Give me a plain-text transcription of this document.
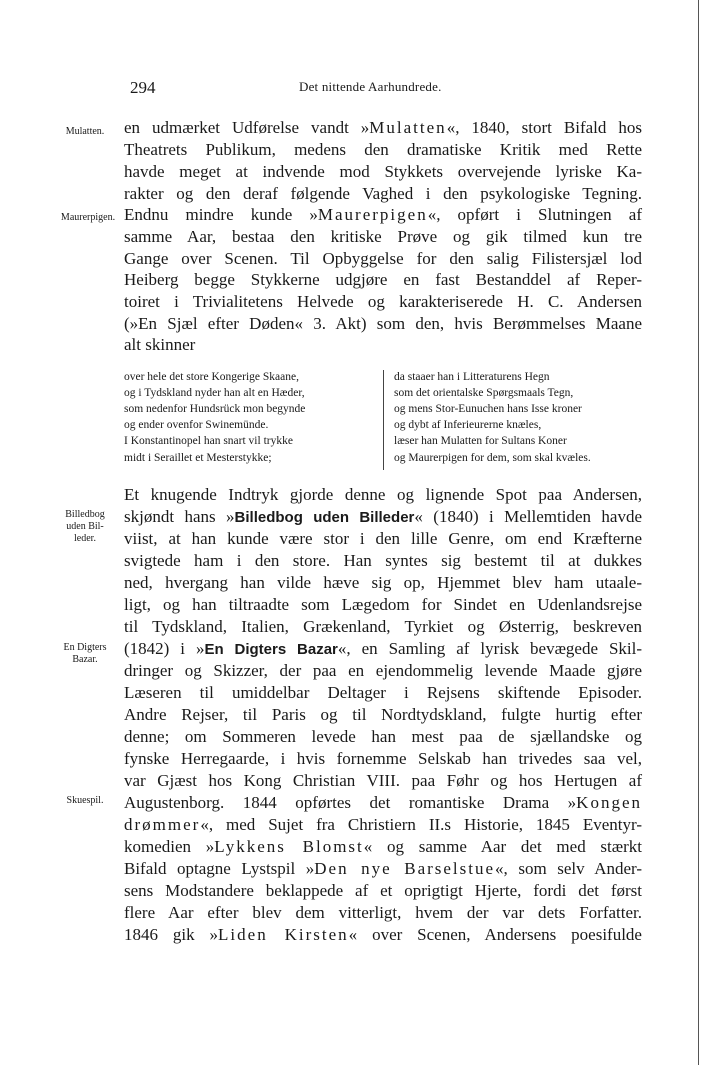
294	Det nittende Aarhundrede.
Mulatten.
Maurerpigen.
Billedbog
uden Bil-
leder.
En Digters
Bazar.
Skuespil.
en udmærket Udførelse vandt »Mulatten«, 1840, stort Bifald hos
Theatrets Publikum, medens den dramatiske Kritik med Rette
havde meget at indvende mod Stykkets overvejende lyriske Ka-
rakter og den deraf følgende Vaghed i den psykologiske Tegning.
Endnu mindre kunde »Maurerpigen«, opført i Slutningen af
samme Aar, bestaa den kritiske Prøve og gik tilmed kun tre
Gange over Scenen. Til Opbyggelse for den salig Filistersjæl lod
Heiberg begge Stykkerne udgjøre en fast Bestanddel af Reper-
toiret i Trivialitetens Helvede og karakteriserede H. C. Andersen
(»En Sjæl efter Døden« 3. Akt) som den, hvis Berømmelses Maane
alt skinner
over hele det store Kongerige Skaane,
og i Tydskland nyder han alt en Hæder,
som nedenfor Hundsrück mon begynde
og ender ovenfor Swinemünde.
I Konstantinopel han snart vil trykke
midt i Seraillet et Mesterstykke;
da staaer han i Litteraturens Hegn
som det orientalske Spørgsmaals Tegn,
og mens Stor-Eunuchen hans Isse kroner
og dybt af Inferieurerne knæles,
læser han Mulatten for Sultans Koner
og Maurerpigen for dem, som skal kvæles.
Et knugende Indtryk gjorde denne og lignende Spot paa Andersen,
skjøndt hans »Billedbog uden Billeder« (1840) i Mellemtiden havde
viist, at han kunde være stor i den lille Genre, om end Kræfterne
svigtede ham i den store. Han syntes sig bestemt til at dukkes
ned, hvergang han vilde hæve sig op, Hjemmet blev ham utaale-
ligt, og han tiltraadte som Lægedom for Sindet en Udenlandsrejse
til Tydskland, Italien, Grækenland, Tyrkiet og Østerrig, beskreven
(1842) i »En Digters Bazar«, en Samling af lyrisk bevægede Skil-
dringer og Skizzer, der paa en ejendommelig levende Maade gjøre
Læseren til umiddelbar Deltager i Rejsens skiftende Episoder.
Andre Rejser, til Paris og til Nordtydskland, fulgte hurtig efter
denne; om Sommeren levede han mest paa de sjællandske og
fynske Herregaarde, i hvis fornemme Selskab han trivedes saa vel,
var Gjæst hos Kong Christian VIII. paa Føhr og hos Hertugen af
Augustenborg. 1844 opførtes det romantiske Drama »Kongen
drømmer«, med Sujet fra Christiern II.s Historie, 1845 Eventyr-
komedien »Lykkens Blomst« og samme Aar det med stærkt
Bifald optagne Lystspil »Den nye Barselstue«, som selv Ander-
sens Modstandere beklappede af et oprigtigt Hjerte, fordi det først
flere Aar efter blev dem vitterligt, hvem der var dets Forfatter.
1846 gik »Liden Kirsten« over Scenen, Andersens poesifulde
